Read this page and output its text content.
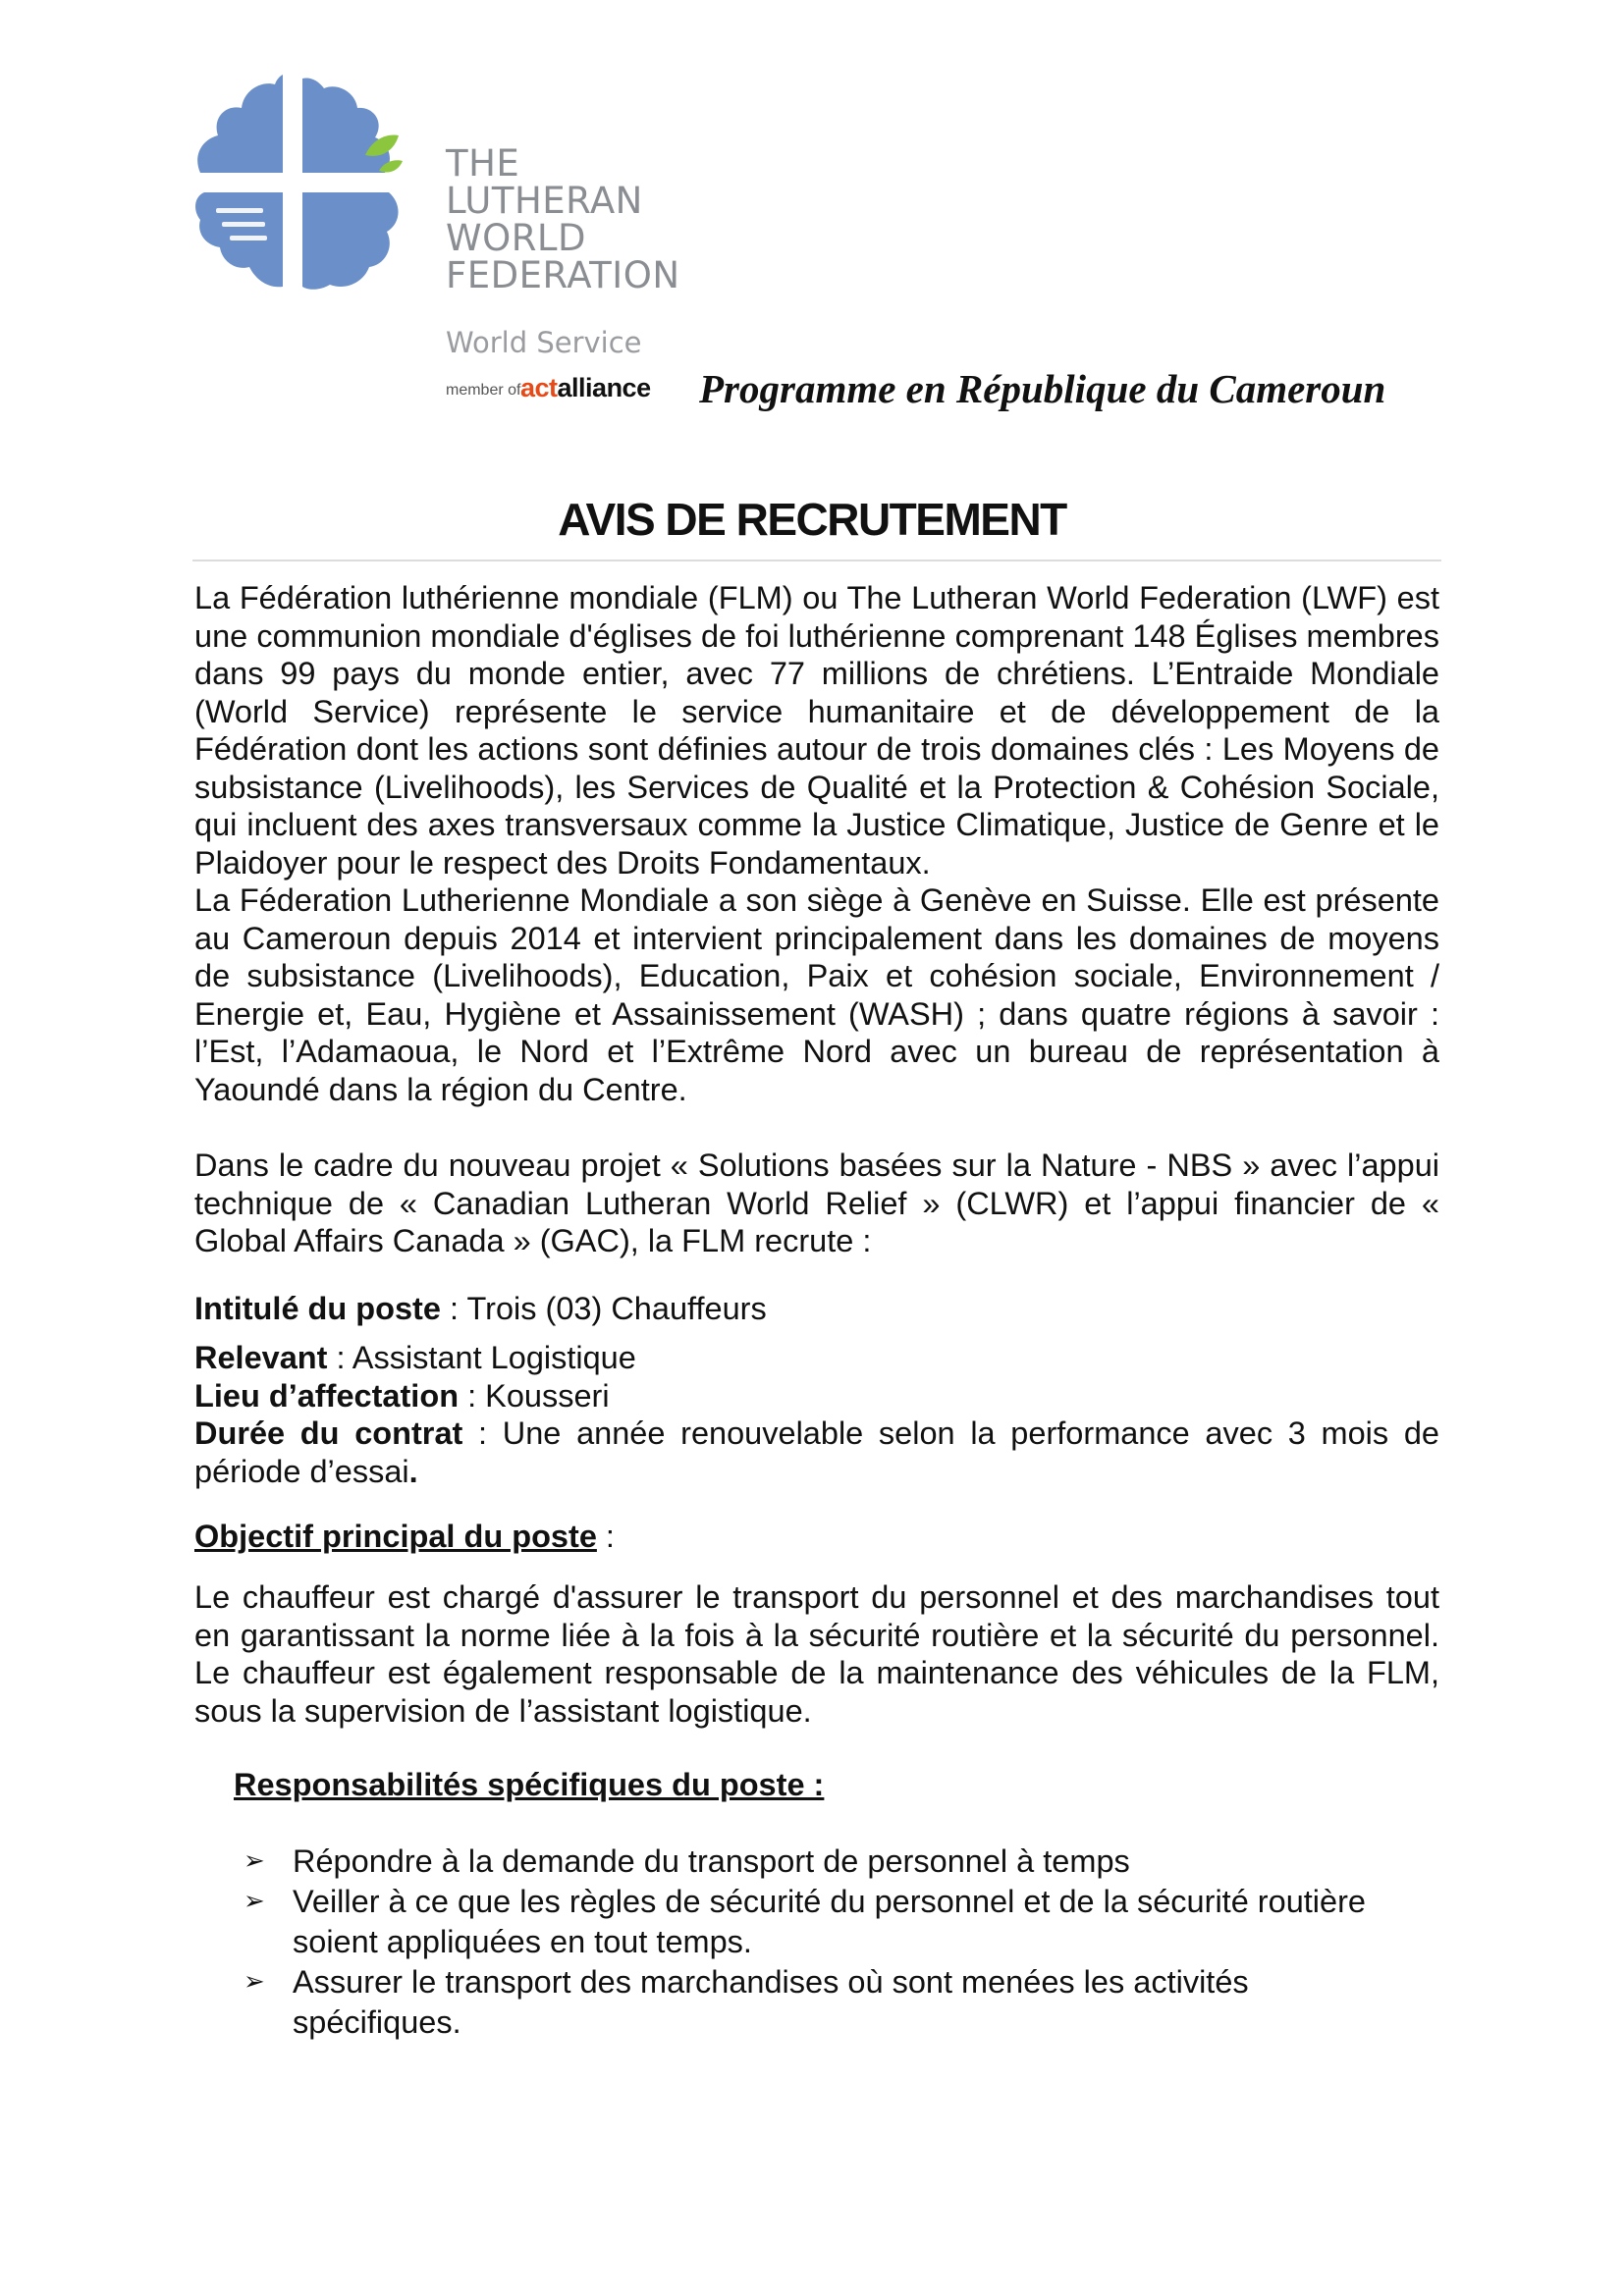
THE
LUTHERAN
WORLD
FEDERATION
World Service
member of actalliance Programme en République du Cameroun
AVIS DE RECRUTEMENT
La Fédération luthérienne mondiale (FLM) ou The Lutheran World Federation (LWF) est une communion mondiale d'églises de foi luthérienne comprenant 148 Églises membres dans 99 pays du monde entier, avec 77 millions de chrétiens. L’Entraide Mondiale (World Service) représente le service humanitaire et de développement de la Fédération dont les actions sont définies autour de trois domaines clés : Les Moyens de subsistance (Livelihoods), les Services de Qualité et la Protection & Cohésion Sociale, qui incluent des axes transversaux comme la Justice Climatique, Justice de Genre et le Plaidoyer pour le respect des Droits Fondamentaux.
La Féderation Lutherienne Mondiale a son siège à Genève en Suisse. Elle est présente au Cameroun depuis 2014 et intervient principalement dans les domaines de moyens de subsistance (Livelihoods), Education, Paix et cohésion sociale, Environnement / Energie et, Eau, Hygiène et Assainissement (WASH) ; dans quatre régions à savoir : l’Est, l’Adamaoua, le Nord et l’Extrême Nord avec un bureau de représentation à Yaoundé dans la région du Centre.
Dans le cadre du nouveau projet « Solutions basées sur la Nature - NBS » avec l’appui technique de « Canadian Lutheran World Relief » (CLWR) et l’appui financier de « Global Affairs Canada » (GAC), la FLM recrute :
Intitulé du poste : Trois (03) Chauffeurs
Relevant : Assistant Logistique
Lieu d’affectation : Kousseri
Durée du contrat : Une année renouvelable selon la performance avec 3 mois de période d’essai.
Objectif principal du poste :
Le chauffeur est chargé d'assurer le transport du personnel et des marchandises tout en garantissant la norme liée à la fois à la sécurité routière et la sécurité du personnel. Le chauffeur est également responsable de la maintenance des véhicules de la FLM, sous la supervision de l’assistant logistique.
Responsabilités spécifiques du poste :
➢ Répondre à la demande du transport de personnel à temps
➢ Veiller à ce que les règles de sécurité du personnel et de la sécurité routière soient appliquées en tout temps.
➢ Assurer le transport des marchandises où sont menées les activités spécifiques.
